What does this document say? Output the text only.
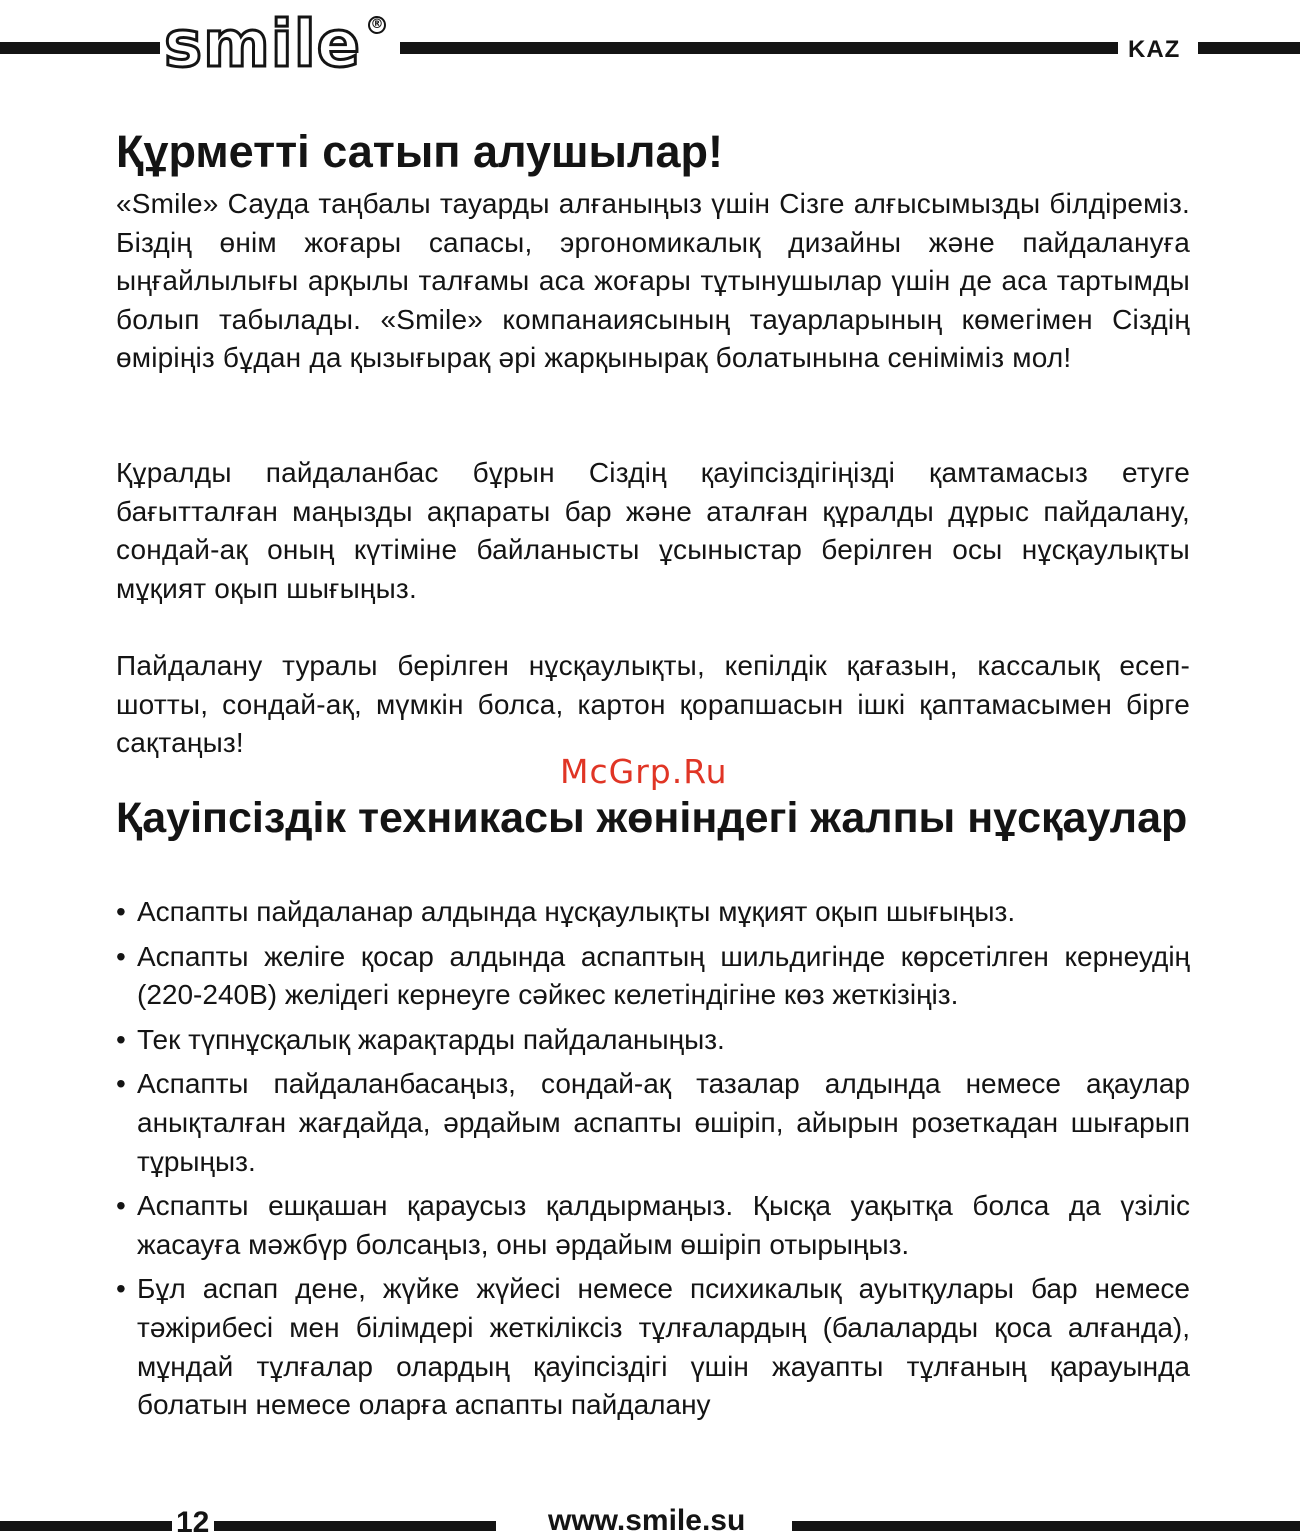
smile ®
KAZ
Құрметті сатып алушылар!

«Smile» Сауда таңбалы тауарды алғаныңыз үшін Сізге алғысымызды білдіреміз. Біздің өнім жоғары сапасы, эргономикалық дизайны және пайдалануға ыңғайлылығы арқылы талғамы аса жоғары тұтынушылар үшін де аса тартымды болып табылады. «Smile» компанаиясының тауарларының көмегімен Сіздің өміріңіз бұдан да қызығырақ әрі жарқынырақ болатынына сеніміміз мол!

Құралды пайдаланбас бұрын Сіздің қауіпсіздігіңізді қамтамасыз етуге бағытталған маңызды ақпараты бар және аталған құралды дұрыс пайдалану, сондай-ақ оның күтіміне байланысты ұсыныстар берілген осы нұсқаулықты мұқият оқып шығыңыз.

Пайдалану туралы берілген нұсқаулықты, кепілдік қағазын, кассалық есеп-шотты, сондай-ақ, мүмкін болса, картон қорапшасын ішкі қаптамасымен бірге сақтаңыз!

McGrp.Ru
Қауіпсіздік техникасы жөніндегі жалпы нұсқаулар
• Аспапты пайдаланар алдында нұсқаулықты мұқият оқып шығыңыз.
• Аспапты желіге қосар алдында аспаптың шильдигінде көрсетілген кернеудің (220-240В) желідегі кернеуге сәйкес келетіндігіне көз жеткізіңіз.
• Тек түпнұсқалық жарақтарды пайдаланыңыз.
• Аспапты пайдаланбасаңыз, сондай-ақ тазалар алдында немесе ақаулар анықталған жағдайда, әрдайым аспапты өшіріп, айырын розеткадан шығарып тұрыңыз.
• Аспапты ешқашан қараусыз қалдырмаңыз. Қысқа уақытқа болса да үзіліс жасауға мәжбүр болсаңыз, оны әрдайым өшіріп отырыңыз.
• Бұл аспап дене, жүйке жүйесі немесе психикалық ауытқулары бар немесе тәжірибесі мен білімдері жеткіліксіз тұлғалардың (балаларды қоса алғанда), мұндай тұлғалар олардың қауіпсіздігі үшін жауапты тұлғаның қарауында болатын немесе оларға аспапты пайдалану
12	www.smile.su
